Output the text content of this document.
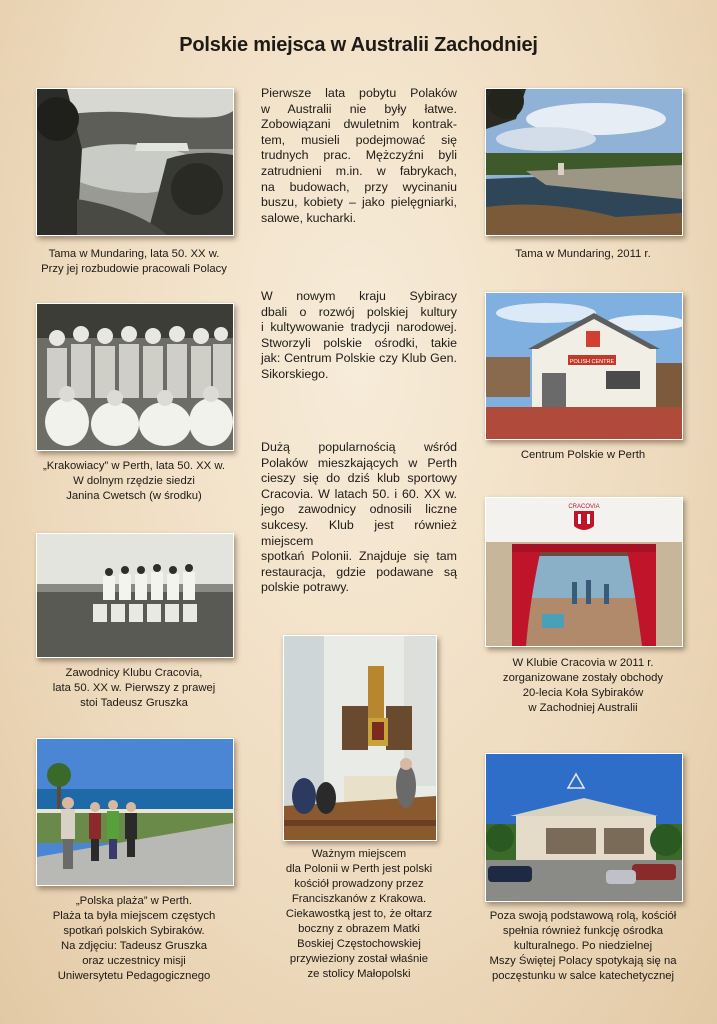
Polskie miejsca w Australii Zachodniej
Tama w Mundaring, lata 50. XX w.
Przy jej rozbudowie pracowali Polacy
Pierwsze lata pobytu Polaków
w Australii nie były łatwe.
Zobowiązani dwuletnim kontrak-
tem, musieli podejmować się
trudnych prac. Mężczyźni byli
zatrudnieni m.in. w fabrykach,
na budowach, przy wycinaniu
buszu, kobiety – jako pielęgniarki,
salowe, kucharki.
Tama w Mundaring, 2011 r.
„Krakowiacy” w Perth, lata 50. XX w.
W dolnym rzędzie siedzi
Janina Cwetsch (w środku)
W nowym kraju Sybiracy
dbali o rozwój polskiej kultury
i kultywowanie tradycji narodowej.
Stworzyli polskie ośrodki, takie
jak: Centrum Polskie czy Klub Gen.
Sikorskiego.
POLISH CENTRE
Centrum Polskie w Perth
Dużą popularnością wśród
Polaków mieszkających w Perth
cieszy się do dziś klub sportowy
Cracovia. W latach 50. i 60. XX w.
jego zawodnicy odnosili liczne
sukcesy. Klub jest również miejscem
spotkań Polonii. Znajduje się tam
restauracja, gdzie podawane są
polskie potrawy.
Zawodnicy Klubu Cracovia,
lata 50. XX w. Pierwszy z prawej
stoi Tadeusz Gruszka
CRACOVIA
W Klubie Cracovia w 2011 r.
zorganizowane zostały obchody
20-lecia Koła Sybiraków
w Zachodniej Australii
Ważnym miejscem
dla Polonii w Perth jest polski
kościół prowadzony przez
Franciszkanów z Krakowa.
Ciekawostką jest to, że ołtarz
boczny z obrazem Matki
Boskiej Częstochowskiej
przywieziony został właśnie
ze stolicy Małopolski
„Polska plaża” w Perth.
Plaża ta była miejscem częstych
spotkań polskich Sybiraków.
Na zdjęciu: Tadeusz Gruszka
oraz uczestnicy misji
Uniwersytetu Pedagogicznego
Poza swoją podstawową rolą, kościół
spełnia również funkcję ośrodka
kulturalnego. Po niedzielnej
Mszy Świętej Polacy spotykają się na
poczęstunku w salce katechetycznej
